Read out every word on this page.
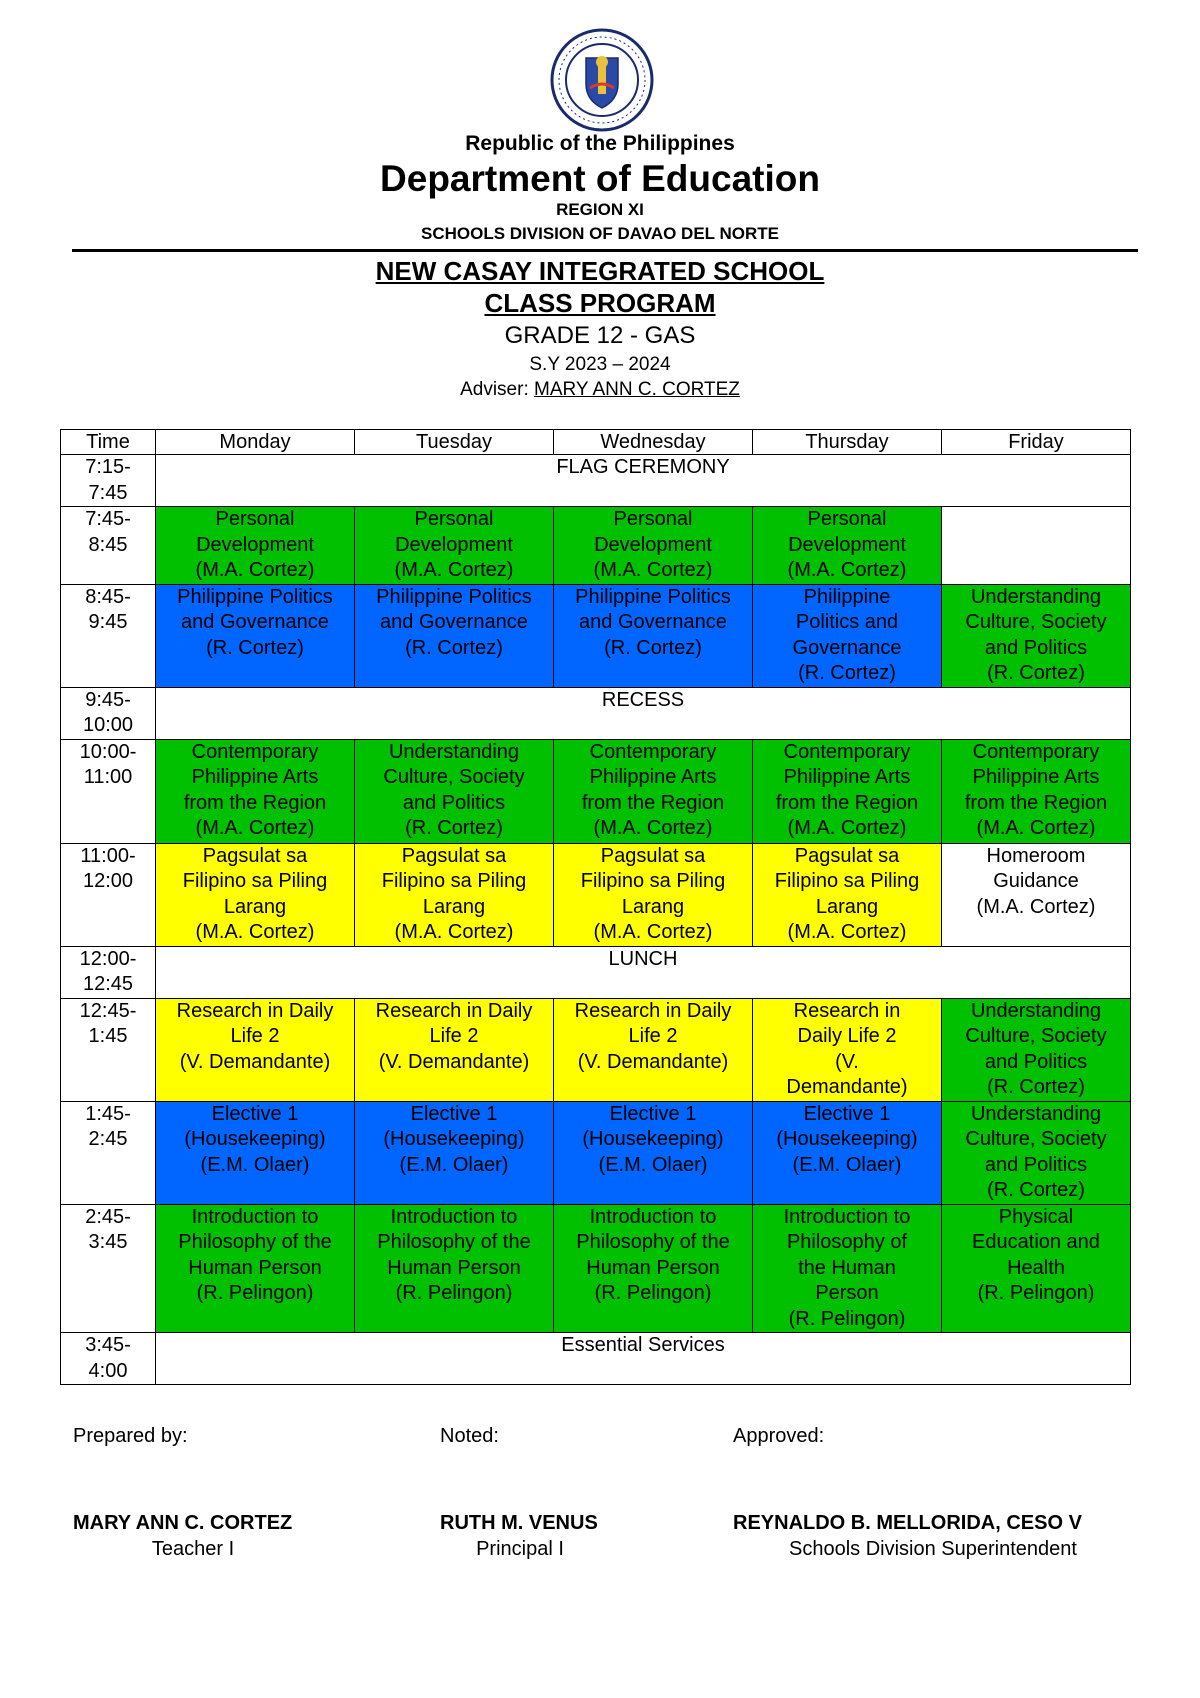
Republic of the Philippines
Department of Education
REGION XI
SCHOOLS DIVISION OF DAVAO DEL NORTE
NEW CASAY INTEGRATED SCHOOL
CLASS PROGRAM
GRADE 12 - GAS
S.Y 2023 – 2024
Adviser: MARY ANN C. CORTEZ
Time	Monday	Tuesday	Wednesday	Thursday	Friday

7:15-
7:45	FLAG CEREMONY				

7:45-
8:45	Personal
Development
(M.A. Cortez)	Personal
Development
(M.A. Cortez)	Personal
Development
(M.A. Cortez)	Personal
Development
(M.A. Cortez)	

8:45-
9:45	Philippine Politics
and Governance
(R. Cortez)	Philippine Politics
and Governance
(R. Cortez)	Philippine Politics
and Governance
(R. Cortez)	Philippine
Politics and
Governance
(R. Cortez)	Understanding
Culture, Society
and Politics
(R. Cortez)

9:45-
10:00	RECESS				

10:00-
11:00	Contemporary
Philippine Arts
from the Region
(M.A. Cortez)	Understanding
Culture, Society
and Politics
(R. Cortez)	Contemporary
Philippine Arts
from the Region
(M.A. Cortez)	Contemporary
Philippine Arts
from the Region
(M.A. Cortez)	Contemporary
Philippine Arts
from the Region
(M.A. Cortez)

11:00-
12:00	Pagsulat sa
Filipino sa Piling
Larang
(M.A. Cortez)	Pagsulat sa
Filipino sa Piling
Larang
(M.A. Cortez)	Pagsulat sa
Filipino sa Piling
Larang
(M.A. Cortez)	Pagsulat sa
Filipino sa Piling
Larang
(M.A. Cortez)	Homeroom
Guidance
(M.A. Cortez)

12:00-
12:45	LUNCH				

12:45-
1:45	Research in Daily
Life 2
(V. Demandante)	Research in Daily
Life 2
(V. Demandante)	Research in Daily
Life 2
(V. Demandante)	Research in
Daily Life 2
(V.
Demandante)	Understanding
Culture, Society
and Politics
(R. Cortez)

1:45-
2:45	Elective 1
(Housekeeping)
(E.M. Olaer)	Elective 1
(Housekeeping)
(E.M. Olaer)	Elective 1
(Housekeeping)
(E.M. Olaer)	Elective 1
(Housekeeping)
(E.M. Olaer)	Understanding
Culture, Society
and Politics
(R. Cortez)

2:45-
3:45	Introduction to
Philosophy of the
Human Person
(R. Pelingon)	Introduction to
Philosophy of the
Human Person
(R. Pelingon)	Introduction to
Philosophy of the
Human Person
(R. Pelingon)	Introduction to
Philosophy of
the Human
Person
(R. Pelingon)	Physical
Education and
Health
(R. Pelingon)

3:45-
4:00	Essential Services				
Prepared by:	Noted:	Approved:
MARY ANN C. CORTEZ	RUTH M. VENUS	REYNALDO B. MELLORIDA, CESO V
Teacher I	Principal I	Schools Division Superintendent
